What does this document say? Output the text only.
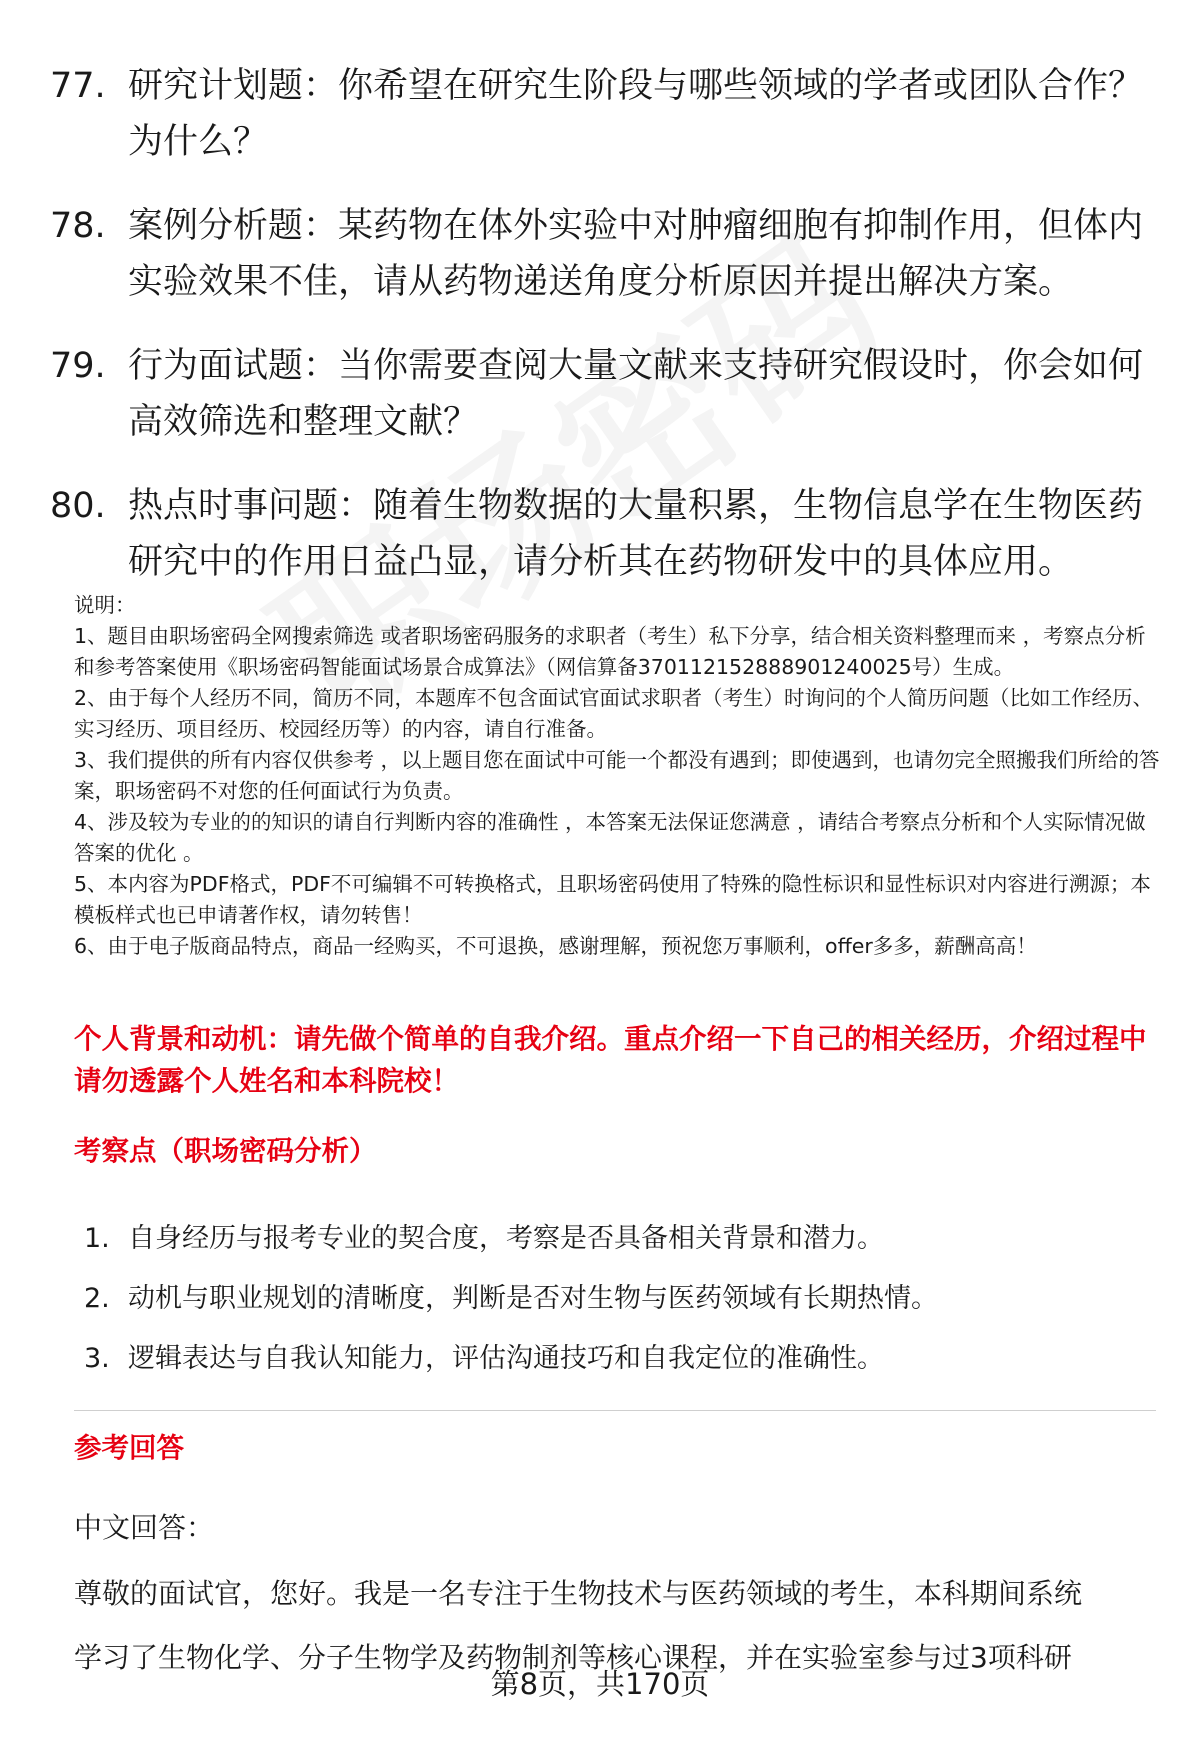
77. 研究计划题：你希望在研究生阶段与哪些领域的学者或团队合作？为什么？
78. 案例分析题：某药物在体外实验中对肿瘤细胞有抑制作用，但体内实验效果不佳，请从药物递送角度分析原因并提出解决方案。
79. 行为面试题：当你需要查阅大量文献来支持研究假设时，你会如何高效筛选和整理文献？
80. 热点时事问题：随着生物数据的大量积累，生物信息学在生物医药研究中的作用日益凸显，请分析其在药物研发中的具体应用。

说明：

1、题目由职场密码全网搜索筛选 或者职场密码服务的求职者（考生）私下分享，结合相关资料整理而来 ，考察点分析和参考答案使用《职场密码智能面试场景合成算法》（网信算备370112152888901240025号）生成。

2、由于每个人经历不同，简历不同，本题库不包含面试官面试求职者（考生）时询问的个人简历问题（比如工作经历、实习经历、项目经历、校园经历等）的内容，请自行准备。

3、我们提供的所有内容仅供参考 ，以上题目您在面试中可能一个都没有遇到；即使遇到，也请勿完全照搬我们所给的答案，职场密码不对您的任何面试行为负责。

4、涉及较为专业的的知识的请自行判断内容的准确性 ，本答案无法保证您满意 ，请结合考察点分析和个人实际情况做答案的优化 。

5、本内容为PDF格式，PDF不可编辑不可转换格式，且职场密码使用了特殊的隐性标识和显性标识对内容进行溯源；本模板样式也已申请著作权，请勿转售！

6、由于电子版商品特点，商品一经购买，不可退换，感谢理解，预祝您万事顺利，offer多多，薪酬高高！

个人背景和动机：请先做个简单的自我介绍。重点介绍一下自己的相关经历，介绍过程中请勿透露个人姓名和本科院校！
考察点（职场密码分析）
1. 自身经历与报考专业的契合度，考察是否具备相关背景和潜力。
2. 动机与职业规划的清晰度，判断是否对生物与医药领域有长期热情。
3. 逻辑表达与自我认知能力，评估沟通技巧和自我定位的准确性。
参考回答
中文回答：

尊敬的面试官，您好。我是一名专注于生物技术与医药领域的考生，本科期间系统

学习了生物化学、分子生物学及药物制剂等核心课程，并在实验室参与过3项科研

第8页，共170页
